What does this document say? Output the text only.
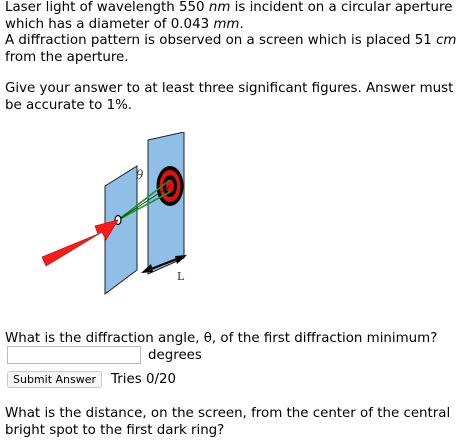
Laser light of wavelength 550 nm is incident on a circular aperture which has a diameter of 0.043 mm.
A diffraction pattern is observed on a screen which is placed 51 cm from the aperture.

Give your answer to at least three significant figures. Answer must be accurate to 1%.

θ
L

What is the diffraction angle, θ, of the first diffraction minimum?

degrees
Submit Answer	Tries 0/20

What is the distance, on the screen, from the center of the central bright spot to the first dark ring?
